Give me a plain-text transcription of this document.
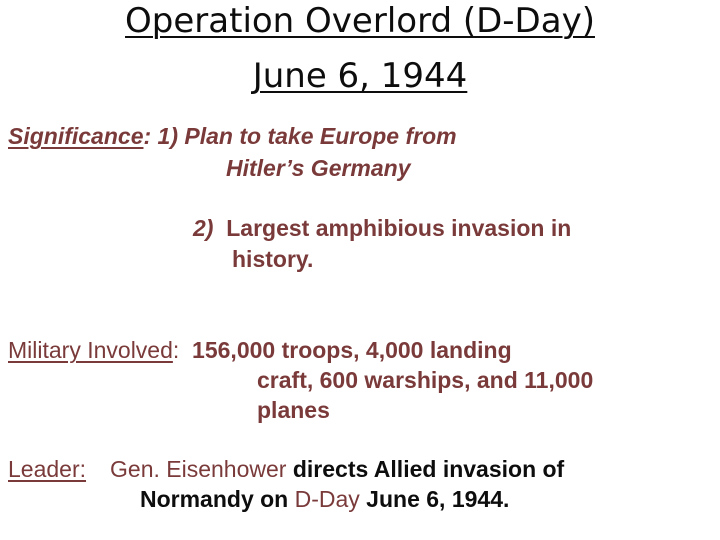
Operation Overlord (D-Day)
June 6, 1944
Significance: 1) Plan to take Europe from
Hitler’s Germany
2)  Largest amphibious invasion in
history.
Military Involved:  156,000 troops, 4,000 landing
craft, 600 warships, and 11,000
planes
Leader: Gen. Eisenhower directs Allied invasion of
Normandy on D-Day June 6, 1944.
